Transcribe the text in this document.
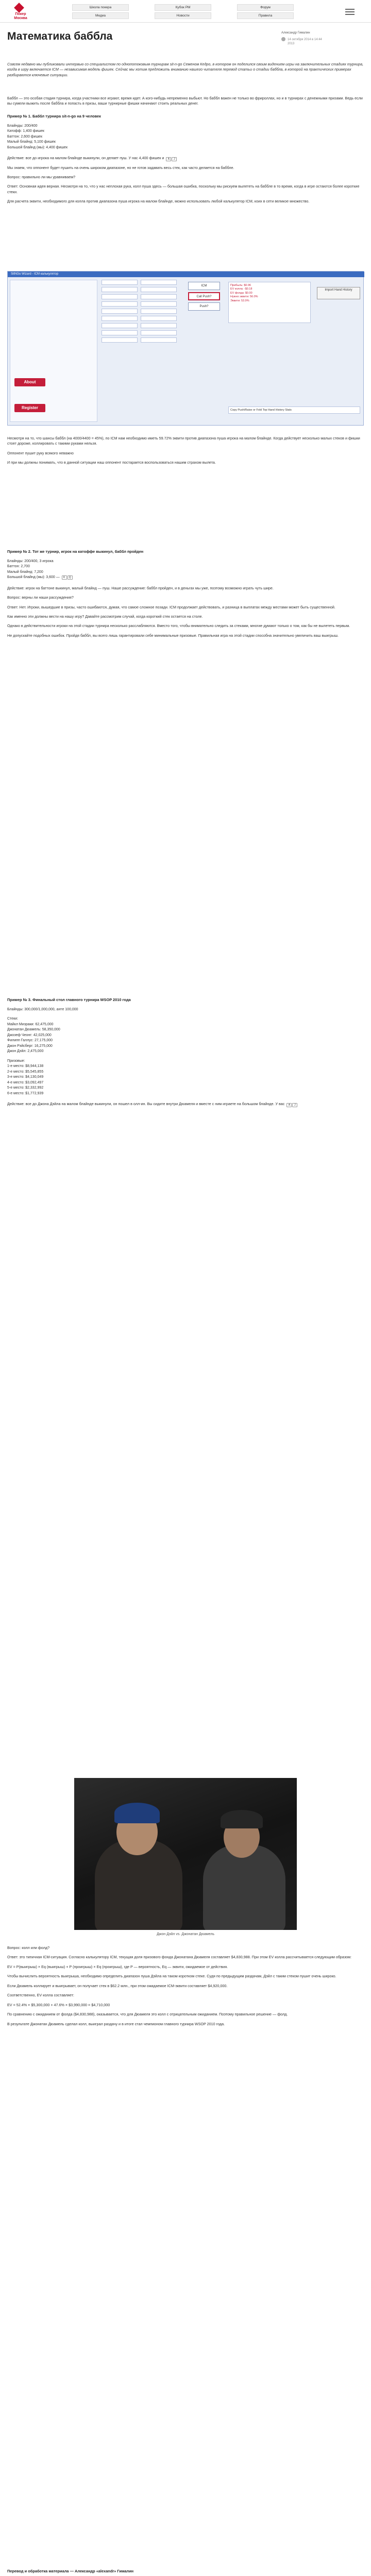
Покер
Москва
Школа покера	Кубок РМ	Форум
Медиа	Новости	Правила
Математика баббла	Александр Гималин
14 октября 2014 в 14:44
2013

Совсем недавно мы публиковали интервью со специалистом по однопотоковым турнирам sit-n-go Семеном Кедро, в котором он поделился своим видением игры на заключительных стадиях турнира, когда в игру включается ICM — независимая модель фишек. Сейчас мы хотим предложить вниманию нашего читателя перевод статьи о стадии баббла, в которой на практических примерах разбираются ключевые ситуации.

Баббл — это особая стадия турнира, когда участники все играют, время идет. А кого-нибудь непременно выбьют. Но баббл важен не только во фрироллах, но и в турнирах с денежными призами. Ведь если вы сумели выжить после баббла и попасть в призы, ваши турнирные фишки начинают стоить реальных денег.

Пример № 1. Баббл турнира sit-n-go на 9 человек

Блайнды: 200/400
Катофф: 1,400 фишек
Баттон: 2,600 фишек
Малый блайнд: 5,100 фишек
Большой блайнд (мы): 4,400 фишек

Действие: все до игрока на малом блайнде выкинули, он делает пуш. У нас 4,400 фишек и A J

Мы знаем, что оппонент будет пушить на очень широком диапазоне, но не готов задавать весь стек, как часто делается на баббле.

Вопрос: правильно ли мы уравниваем?

Ответ: Основная идея верная. Несмотря на то, что у нас неплохая рука, колл пуша здесь — большая ошибка, поскольку мы рискуем вылететь на баббле в то время, когда в игре остаются более короткие стеки.

Для расчета эквити, необходимого для колла против диапазона пуша игрока на малом блайнде, можно использовать любой калькулятор ICM, коих в сети великое множество.

SitNGo Wizard - ICM калькулятор
About
Register
ICM
Call Push?
Push?
Прибыль: $0.96
EV колла: -$0.18
EV фолда: $0.00
Нужно эквити: 56.0%
Эквити: 53.9%
Import Hand History
Copy Push/Raise or Fold Top Hand History Stats

Несмотря на то, что шансы баббл (на 4000/4400 = 45%), по ICM нам необходимо иметь 59.72% эквити против диапазона пуша игрока на малом блайнде. Когда действует несколько малых стеков и фишки стоят дороже, коллировать с такими руками нельзя.

Оппонент пушит руку всякого неважно

И при мы должны понимать, что в данной ситуации наш оппонент постарается воспользоваться нашим страхом вылета.

Пример № 2. Тот же турнир, игрок на катоффе выкинул, баббл пройден

Блайнды: 200/400, 3 игрока
Баттон: 2,700
Малый блайнд: 7,200
Большой блайнд (мы): 3,600 — K Q

Действие: игрок на баттоне выкинул, малый блайнд — пуш. Наше рассуждение: баббл пройден, и в деньгах мы уже, поэтому возможно играть чуть шире.

Вопрос: верны ли наши рассуждения?

Ответ: Нет. Игроки, вышедшие в призы, часто ошибаются, думая, что самое сложное позади. ICM продолжает действовать, и разница в выплатах между местами может быть существенной.

Как именно эти должны вести на нашу игру? Давайте рассмотрим случай, когда короткий стек остается на столе.

Однако в действительности игроки на этой стадии турнира несколько расслабляются. Вместо того, чтобы внимательно следить за стеками, многие думают только о том, как бы не вылететь первым.

Не допускайте подобных ошибок. Пройдя баббл, вы всего лишь гарантировали себе минимальные призовые. Правильная игра на этой стадии способна значительно увеличить ваш выигрыш.

Пример № 3. Финальный стол главного турнира WSOP 2010 года

Блайнды: 300,000/1,000,000, анте 100,000
Стеки:
Майкл Мизраки: 62,475,000
Джонатан Дюамель: 58,350,000
Джозеф Чеонг: 42,025,000
Филипп Галлус: 27,175,000
Джон Рэйсберг: 16,275,000
Джон Дэйл: 2,475,000
Призовые:
1-е место: $8,944,138
2-е место: $5,545,855
3-е место: $4,130,049
4-е место: $3,092,497
5-е место: $2,332,992
6-е место: $1,772,939

Действие: все до Джона Дэйла на малом блайнде выкинули, он пошел в олл-ин. Вы сидите внутри Дюамеля и вместе с ним играете на большом блайнде. У вас A J

Джон Дэйл vs. Джонатан Дюамель

Вопрос: колл или фолд?

Ответ: это типичная ICM-ситуация. Согласно калькулятору ICM, текущая доля призового фонда Джонатана Дюамеля составляет $4,830,988. При этом EV колла рассчитывается следующим образом:

EV = P(выигрыш) × Eq (выигрыш) + P (проигрыш) × Eq (проигрыш), где P — вероятность, Eq — эквити, ожидаемое от действия.

Чтобы вычислить вероятность выигрыша, необходимо определить диапазон пуша Дэйла на таком коротком стеке. Судя по предыдущим раздачам, Дэйл с таким стеком пушит очень широко.

Если Дюамель коллирует и выигрывает, он получает стек в $62.2 млн., при этом ожидаемое ICM-эквити составляет $4,920,000.

Соответственно, EV колла составляет:

EV = 52.4% × $5,300,000 + 47.6% × $3,990,000 = $4,710,000

По сравнению с ожиданием от фолда ($4,830,988), оказывается, что для Дюамеля это колл с отрицательным ожиданием. Поэтому правильное решение — фолд.

В результате Джонатан Дюамель сделал колл, выиграл раздачу и в итоге стал чемпионом главного турнира WSOP 2010 года.

Перевод и обработка материала — Александр «alexandr» Гималин
